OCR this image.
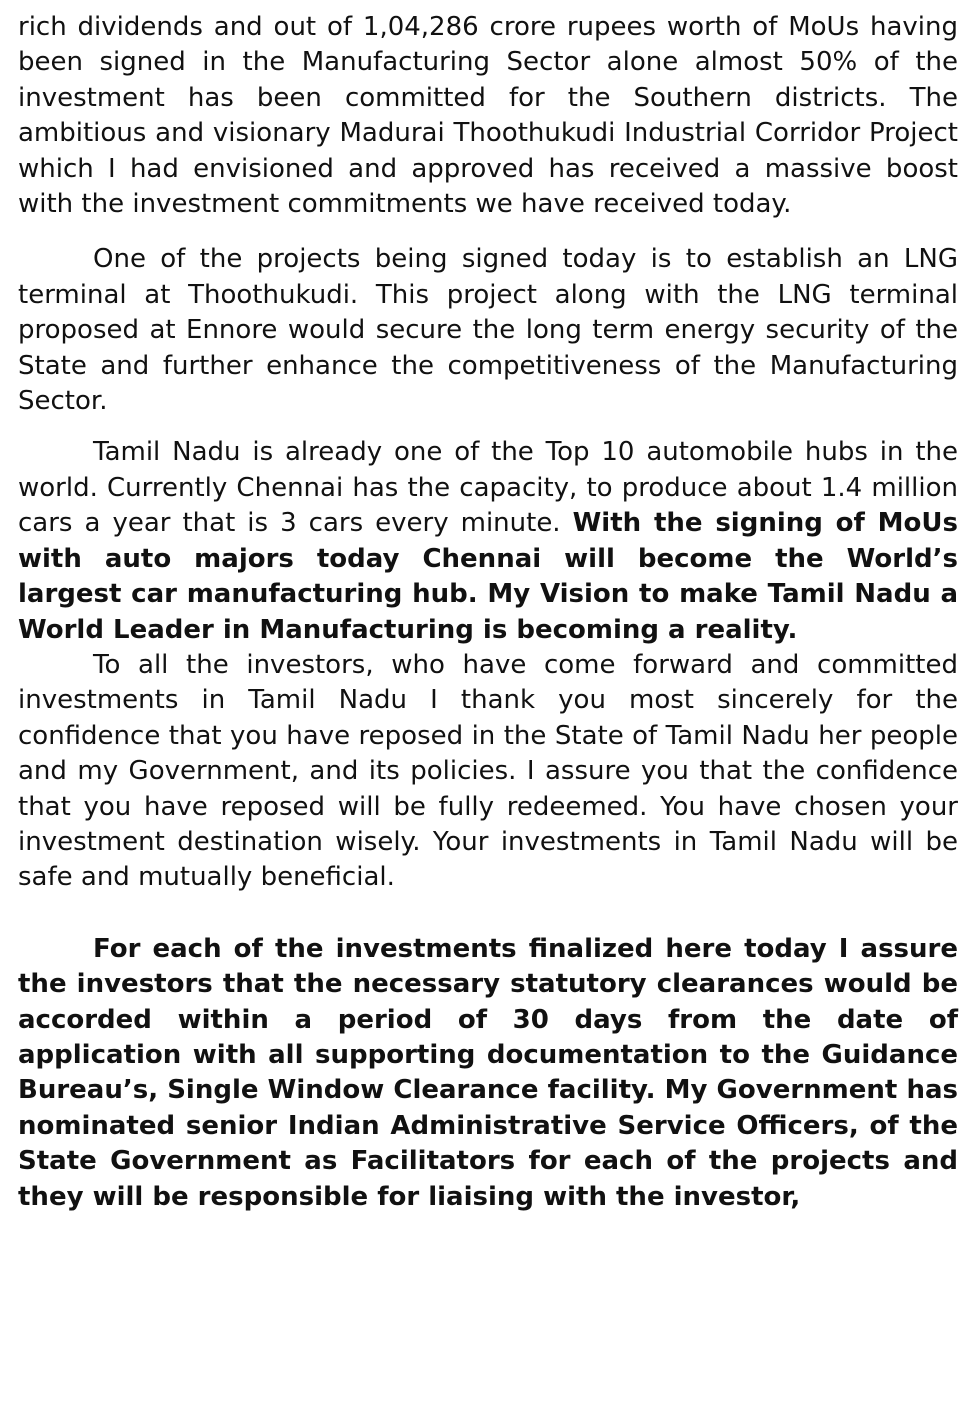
rich dividends and out of 1,04,286 crore rupees worth of MoUs having been signed in the Manufacturing Sector alone almost 50% of the investment has been committed for the Southern districts. The ambitious and visionary Madurai Thoothukudi Industrial Corridor Project which I had envisioned and approved has received a massive boost with the investment commitments we have received today.

One of the projects being signed today is to establish an LNG terminal at Thoothukudi. This project along with the LNG terminal proposed at Ennore would secure the long term energy security of the State and further enhance the competitiveness of the Manufacturing Sector.

Tamil Nadu is already one of the Top 10 automobile hubs in the world. Currently Chennai has the capacity, to produce about 1.4 million cars a year that is 3 cars every minute. With the signing of MoUs with auto majors today Chennai will become the World’s largest car manufacturing hub. My Vision to make Tamil Nadu a World Leader in Manufacturing is becoming a reality.

To all the investors, who have come forward and committed investments in Tamil Nadu I thank you most sincerely for the confidence that you have reposed in the State of Tamil Nadu her people and my Government, and its policies. I assure you that the confidence that you have reposed will be fully redeemed. You have chosen your investment destination wisely. Your investments in Tamil Nadu will be safe and mutually beneficial.

For each of the investments finalized here today I assure the investors that the necessary statutory clearances would be accorded within a period of 30 days from the date of application with all supporting documentation to the Guidance Bureau’s, Single Window Clearance facility. My Government has nominated senior Indian Administrative Service Officers, of the State Government as Facilitators for each of the projects and they will be responsible for liaising with the investor,
